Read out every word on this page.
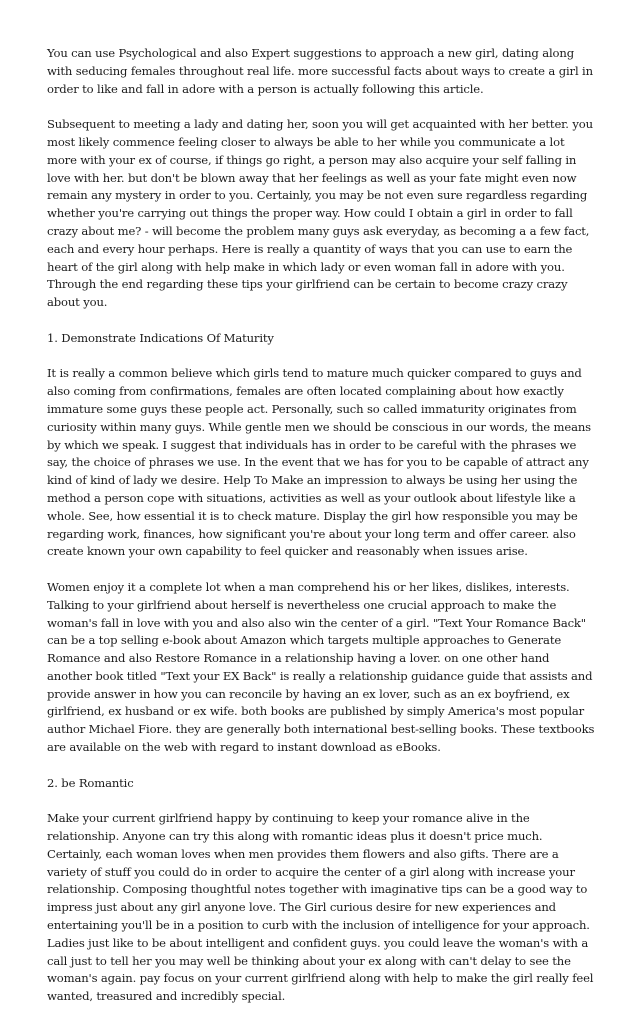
You can use Psychological and also Expert suggestions to approach a new girl, dating along with seducing females throughout real life. more successful facts about ways to create a girl in order to like and fall in adore with a person is actually following this article.

Subsequent to meeting a lady and dating her, soon you will get acquainted with her better. you most likely commence feeling closer to always be able to her while you communicate a lot more with your ex of course, if things go right, a person may also acquire your self falling in love with her. but don't be blown away that her feelings as well as your fate might even now remain any mystery in order to you. Certainly, you may be not even sure regardless regarding whether you're carrying out things the proper way. How could I obtain a girl in order to fall crazy about me? - will become the problem many guys ask everyday, as becoming a a few fact, each and every hour perhaps. Here is really a quantity of ways that you can use to earn the heart of the girl along with help make in which lady or even woman fall in adore with you. Through the end regarding these tips your girlfriend can be certain to become crazy crazy about you.

1. Demonstrate Indications Of Maturity

It is really a common believe which girls tend to mature much quicker compared to guys and also coming from confirmations, females are often located complaining about how exactly immature some guys these people act. Personally, such so called immaturity originates from curiosity within many guys. While gentle men we should be conscious in our words, the means by which we speak. I suggest that individuals has in order to be careful with the phrases we say, the choice of phrases we use. In the event that we has for you to be capable of attract any kind of kind of lady we desire. Help To Make an impression to always be using her using the method a person cope with situations, activities as well as your outlook about lifestyle like a whole. See, how essential it is to check mature. Display the girl how responsible you may be regarding work, finances, how significant you're about your long term and offer career. also create known your own capability to feel quicker and reasonably when issues arise.

Women enjoy it a complete lot when a man comprehend his or her likes, dislikes, interests. Talking to your girlfriend about herself is nevertheless one crucial approach to make the woman's fall in love with you and also also win the center of a girl. "Text Your Romance Back" can be a top selling e-book about Amazon which targets multiple approaches to Generate Romance and also Restore Romance in a relationship having a lover. on one other hand another book titled "Text your EX Back" is really a relationship guidance guide that assists and provide answer in how you can reconcile by having an ex lover, such as an ex boyfriend, ex girlfriend, ex husband or ex wife. both books are published by simply America's most popular author Michael Fiore. they are generally both international best-selling books. These textbooks are available on the web with regard to instant download as eBooks.

2. be Romantic

Make your current girlfriend happy by continuing to keep your romance alive in the relationship. Anyone can try this along with romantic ideas plus it doesn't price much. Certainly, each woman loves when men provides them flowers and also gifts. There are a variety of stuff you could do in order to acquire the center of a girl along with increase your relationship. Composing thoughtful notes together with imaginative tips can be a good way to impress just about any girl anyone love. The Girl curious desire for new experiences and entertaining you'll be in a position to curb with the inclusion of intelligence for your approach. Ladies just like to be about intelligent and confident guys. you could leave the woman's with a call just to tell her you may well be thinking about your ex along with can't delay to see the woman's again. pay focus on your current girlfriend along with help to make the girl really feel wanted, treasured and incredibly special.
